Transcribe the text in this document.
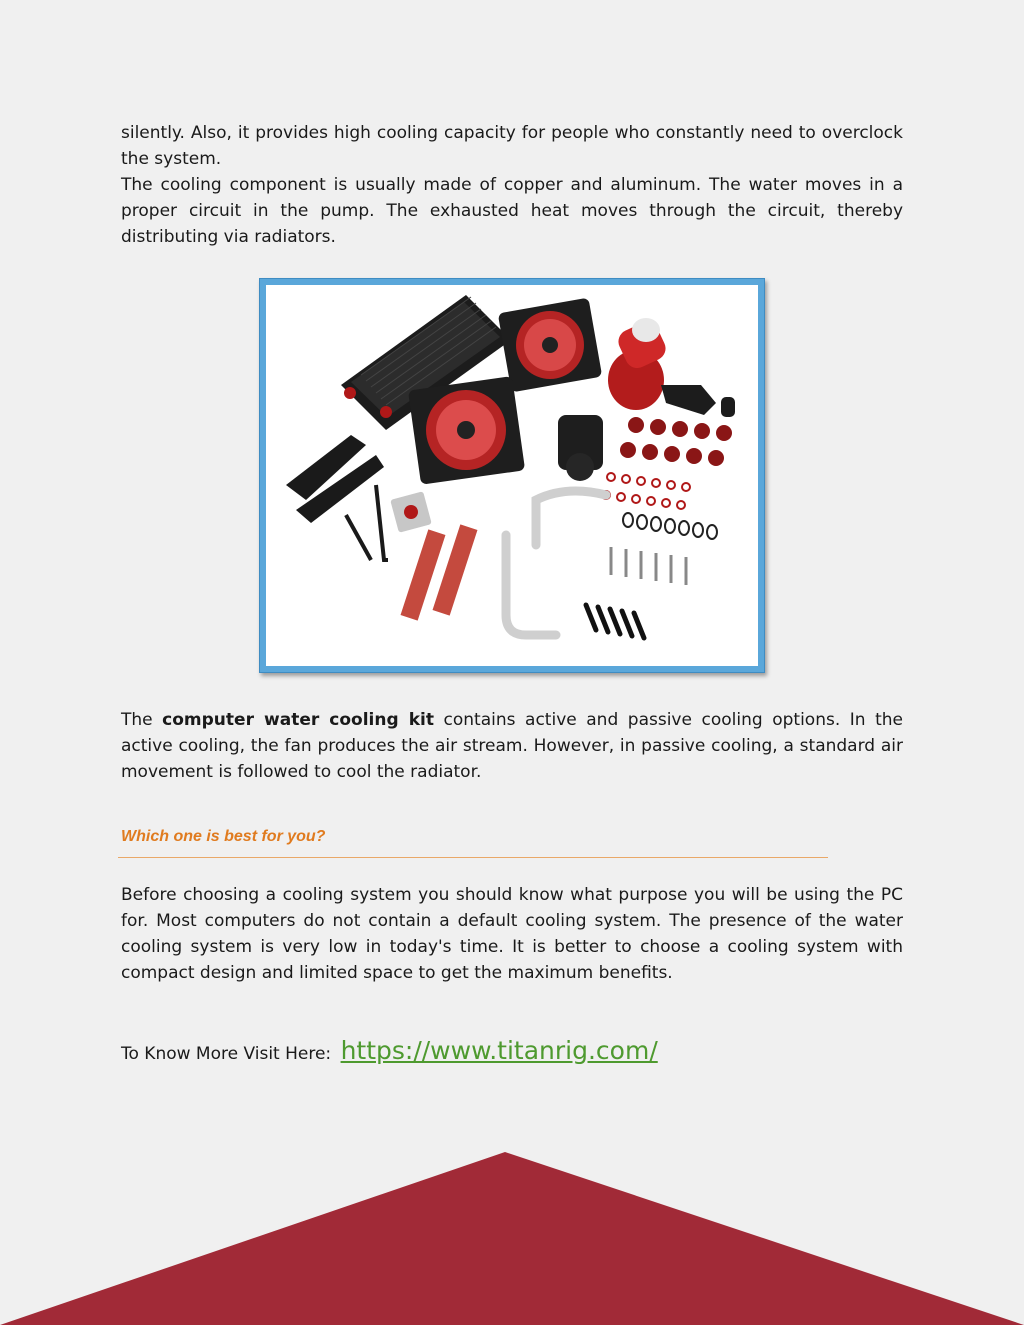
silently. Also, it provides high cooling capacity for people who constantly need to overclock the system.
The cooling component is usually made of copper and aluminum. The water moves in a proper circuit in the pump. The exhausted heat moves through the circuit, thereby distributing via radiators.

The computer water cooling kit contains active and passive cooling options. In the active cooling, the fan produces the air stream. However, in passive cooling, a standard air movement is followed to cool the radiator.

Which one is best for you?

Before choosing a cooling system you should know what purpose you will be using the PC for. Most computers do not contain a default cooling system. The presence of the water cooling system is very low in today's time. It is better to choose a cooling system with compact design and limited space to get the maximum benefits.

To Know More Visit Here: https://www.titanrig.com/
